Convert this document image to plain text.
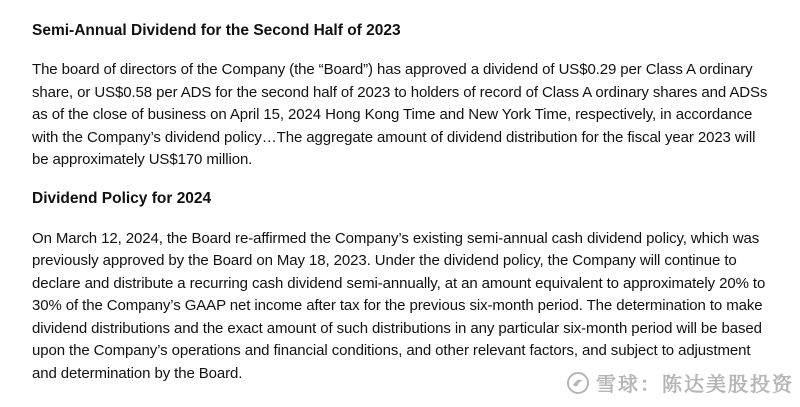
Semi-Annual Dividend for the Second Half of 2023

The board of directors of the Company (the “Board”) has approved a dividend of US$0.29 per Class A ordinary share, or US$0.58 per ADS for the second half of 2023 to holders of record of Class A ordinary shares and ADSs as of the close of business on April 15, 2024 Hong Kong Time and New York Time, respectively, in accordance with the Company’s dividend policy…The aggregate amount of dividend distribution for the fiscal year 2023 will be approximately US$170 million.

Dividend Policy for 2024

On March 12, 2024, the Board re-affirmed the Company’s existing semi-annual cash dividend policy, which was previously approved by the Board on May 18, 2023. Under the dividend policy, the Company will continue to declare and distribute a recurring cash dividend semi-annually, at an amount equivalent to approximately 20% to 30% of the Company’s GAAP net income after tax for the previous six-month period. The determination to make dividend distributions and the exact amount of such distributions in any particular six-month period will be based upon the Company’s operations and financial conditions, and other relevant factors, and subject to adjustment and determination by the Board.	雪球：陈达美股投资
